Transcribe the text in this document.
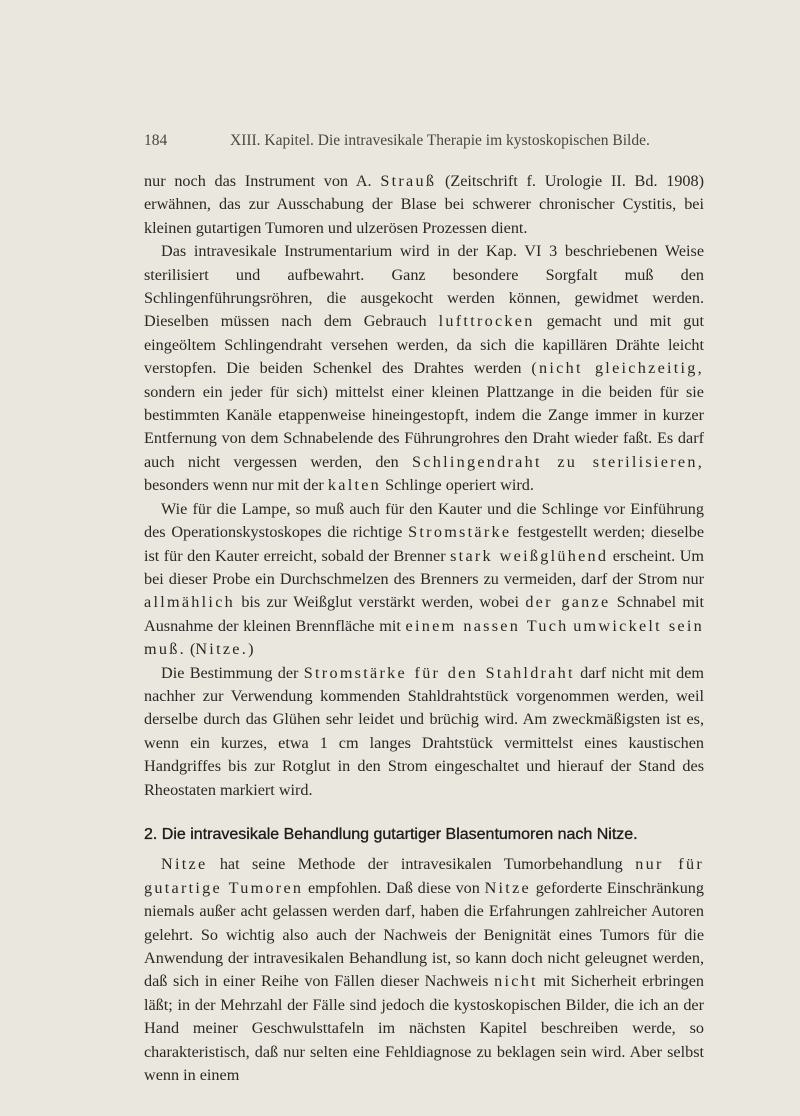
184	XIII. Kapitel. Die intravesikale Therapie im kystoskopischen Bilde.

nur noch das Instrument von A. Strauß (Zeitschrift f. Urologie II. Bd. 1908) erwähnen, das zur Ausschabung der Blase bei schwerer chronischer Cystitis, bei kleinen gutartigen Tumoren und ulzerösen Prozessen dient.

Das intravesikale Instrumentarium wird in der Kap. VI 3 beschriebenen Weise sterilisiert und aufbewahrt. Ganz besondere Sorgfalt muß den Schlingenführungsröhren, die ausgekocht werden können, gewidmet werden. Dieselben müssen nach dem Gebrauch lufttrocken gemacht und mit gut eingeöltem Schlingendraht versehen werden, da sich die kapillären Drähte leicht verstopfen. Die beiden Schenkel des Drahtes werden (nicht gleichzeitig, sondern ein jeder für sich) mittelst einer kleinen Plattzange in die beiden für sie bestimmten Kanäle etappenweise hineingestopft, indem die Zange immer in kurzer Entfernung von dem Schnabelende des Führungrohres den Draht wieder faßt. Es darf auch nicht vergessen werden, den Schlingendraht zu sterilisieren, besonders wenn nur mit der kalten Schlinge operiert wird.

Wie für die Lampe, so muß auch für den Kauter und die Schlinge vor Einführung des Operationskystoskopes die richtige Stromstärke festgestellt werden; dieselbe ist für den Kauter erreicht, sobald der Brenner stark weißglühend erscheint. Um bei dieser Probe ein Durchschmelzen des Brenners zu vermeiden, darf der Strom nur allmählich bis zur Weißglut verstärkt werden, wobei der ganze Schnabel mit Ausnahme der kleinen Brennfläche mit einem nassen Tuch umwickelt sein muß. (Nitze.)

Die Bestimmung der Stromstärke für den Stahldraht darf nicht mit dem nachher zur Verwendung kommenden Stahldrahtstück vorgenommen werden, weil derselbe durch das Glühen sehr leidet und brüchig wird. Am zweckmäßigsten ist es, wenn ein kurzes, etwa 1 cm langes Drahtstück vermittelst eines kaustischen Handgriffes bis zur Rotglut in den Strom eingeschaltet und hierauf der Stand des Rheostaten markiert wird.

2. Die intravesikale Behandlung gutartiger Blasentumoren nach Nitze.

Nitze hat seine Methode der intravesikalen Tumorbehandlung nur für gutartige Tumoren empfohlen. Daß diese von Nitze geforderte Einschränkung niemals außer acht gelassen werden darf, haben die Erfahrungen zahlreicher Autoren gelehrt. So wichtig also auch der Nachweis der Benignität eines Tumors für die Anwendung der intravesikalen Behandlung ist, so kann doch nicht geleugnet werden, daß sich in einer Reihe von Fällen dieser Nachweis nicht mit Sicherheit erbringen läßt; in der Mehrzahl der Fälle sind jedoch die kystoskopischen Bilder, die ich an der Hand meiner Geschwulsttafeln im nächsten Kapitel beschreiben werde, so charakteristisch, daß nur selten eine Fehldiagnose zu beklagen sein wird. Aber selbst wenn in einem
